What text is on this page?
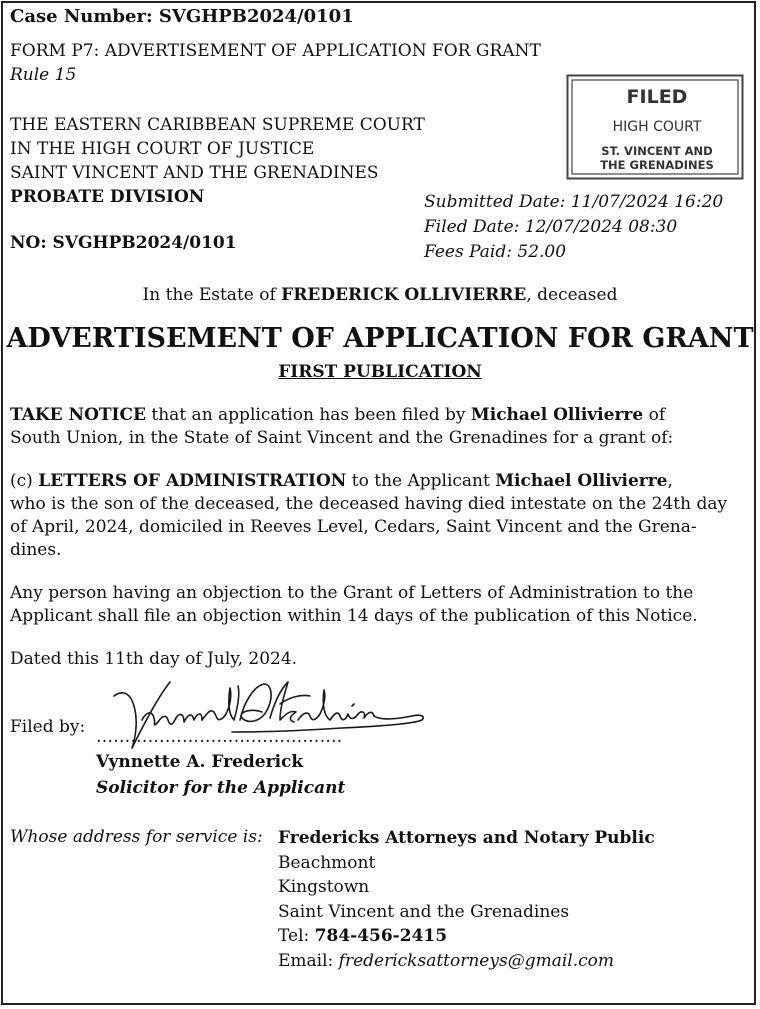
Case Number: SVGHPB2024/0101
FORM P7: ADVERTISEMENT OF APPLICATION FOR GRANT
Rule 15
THE EASTERN CARIBBEAN SUPREME COURT
IN THE HIGH COURT OF JUSTICE
SAINT VINCENT AND THE GRENADINES
PROBATE DIVISION
NO: SVGHPB2024/0101
FILED
HIGH COURT
ST. VINCENT AND
THE GRENADINES
Submitted Date: 11/07/2024 16:20
Filed Date: 12/07/2024 08:30
Fees Paid: 52.00
In the Estate of FREDERICK OLLIVIERRE, deceased
ADVERTISEMENT OF APPLICATION FOR GRANT
FIRST PUBLICATION
TAKE NOTICE that an application has been filed by Michael Ollivierre of
South Union, in the State of Saint Vincent and the Grenadines for a grant of:
(c) LETTERS OF ADMINISTRATION to the Applicant Michael Ollivierre,
who is the son of the deceased, the deceased having died intestate on the 24th day
of April, 2024, domiciled in Reeves Level, Cedars, Saint Vincent and the Grena-
dines.
Any person having an objection to the Grant of Letters of Administration to the
Applicant shall file an objection within 14 days of the publication of this Notice.
Dated this 11th day of July, 2024.
Filed by: …………………………………….
Vynnette A Frederick
Vynnette A. Frederick
Solicitor for the Applicant
Whose address for service is: Fredericks Attorneys and Notary Public
Beachmont
Kingstown
Saint Vincent and the Grenadines
Tel: 784-456-2415
Email: fredericksattorneys@gmail.com
